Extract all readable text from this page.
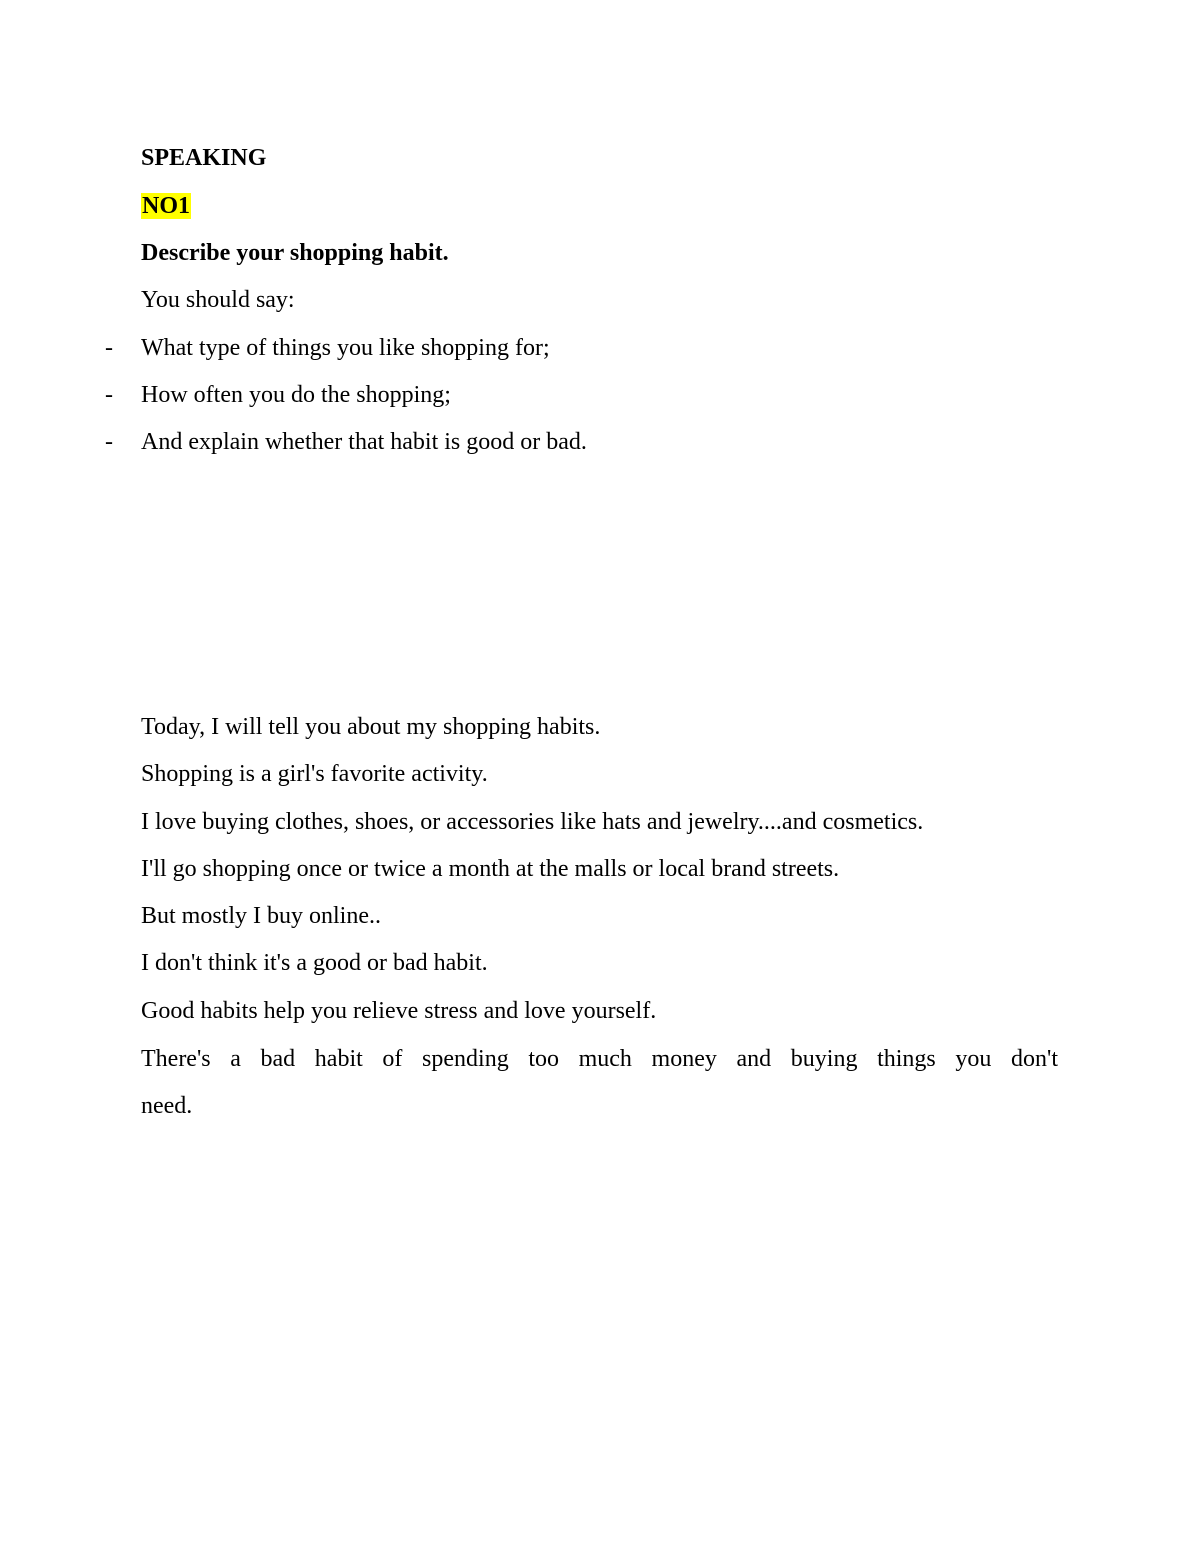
SPEAKING
NO1
Describe your shopping habit.
You should say:
- What type of things you like shopping for;
- How often you do the shopping;
- And explain whether that habit is good or bad.
Today, I will tell you about my shopping habits.
Shopping is a girl's favorite activity.
I love buying clothes, shoes, or accessories like hats and jewelry....and cosmetics.
I'll go shopping once or twice a month at the malls or local brand streets.
But mostly I buy online..
I don't think it's a good or bad habit.
Good habits help you relieve stress and love yourself.
There's a bad habit of spending too much money and buying things you don't
need.
